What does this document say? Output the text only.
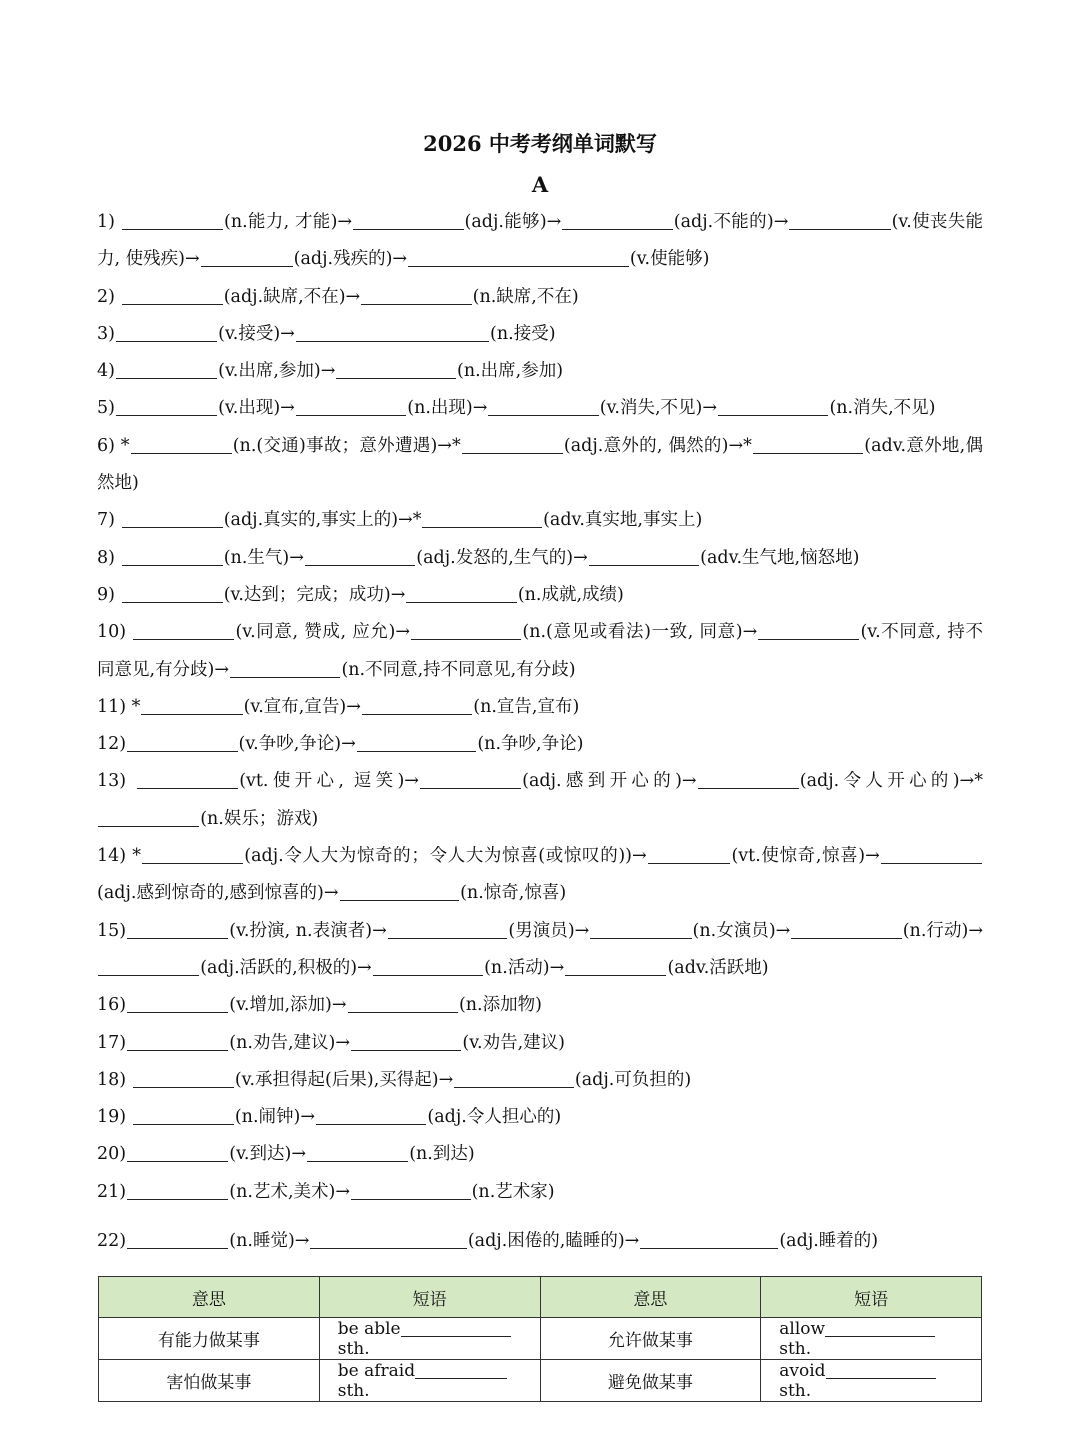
2026 中考考纲单词默写
A

1)	(n.能力, 才能)→	(adj.能够)→	(adj.不能的)→	(v.使丧失能力, 使残疾)→	(adj.残疾的)→	(v.使能够)

2)	(adj.缺席,不在)→	(n.缺席,不在)

3)	(v.接受)→	(n.接受)

4)	(v.出席,参加)→	(n.出席,参加)

5)	(v.出现)→	(n.出现)→	(v.消失,不见)→	(n.消失,不见)

6) *	(n.(交通)事故；意外遭遇)→*	(adj.意外的, 偶然的)→*	(adv.意外地,偶然地)

7)	(adj.真实的,事实上的)→*	(adv.真实地,事实上)

8)	(n.生气)→	(adj.发怒的,生气的)→	(adv.生气地,恼怒地)

9)	(v.达到；完成；成功)→	(n.成就,成绩)

10)	(v.同意, 赞成, 应允)→	(n.(意见或看法)一致, 同意)→	(v.不同意, 持不同意见,有分歧)→	(n.不同意,持不同意见,有分歧)

11) *	(v.宣布,宣告)→	(n.宣告,宣布)

12)	(v.争吵,争论)→	(n.争吵,争论)

13)	(vt.使开心, 逗笑)→	(adj.感到开心的)→	(adj.令人开心的)→*(n.娱乐；游戏)

14) *	(adj.令人大为惊奇的；令人大为惊喜(或惊叹的))→	(vt.使惊奇,惊喜)→(adj.感到惊奇的,感到惊喜的)→	(n.惊奇,惊喜)

15)	(v.扮演, n.表演者)→	(男演员)→	(n.女演员)→	(n.行动)→(adj.活跃的,积极的)→	(n.活动)→	(adv.活跃地)

16)	(v.增加,添加)→	(n.添加物)

17)	(n.劝告,建议)→	(v.劝告,建议)

18)	(v.承担得起(后果),买得起)→	(adj.可负担的)

19)	(n.闹钟)→	(adj.令人担心的)

20)	(v.到达)→	(n.到达)

21)	(n.艺术,美术)→	(n.艺术家)

22)	(n.睡觉)→	(adj.困倦的,瞌睡的)→	(adj.睡着的)

意思	短语	意思	短语
有能力做某事	be ablesth.	允许做某事	allowsth.
害怕做某事	be afraidsth.	避免做某事	avoidsth.
